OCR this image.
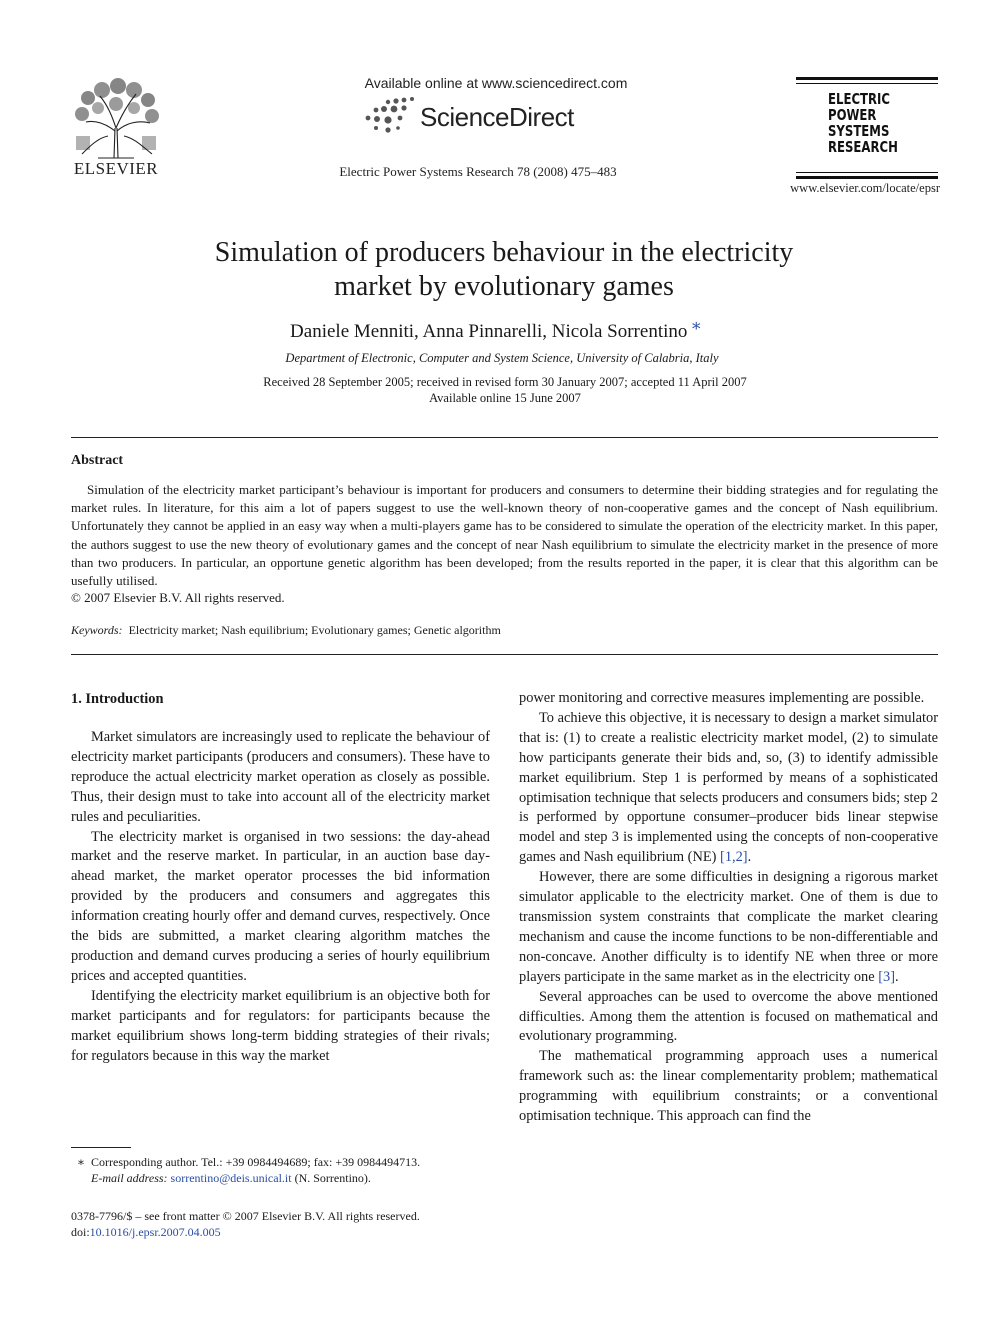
ELSEVIER
Available online at www.sciencedirect.com
ScienceDirect
Electric Power Systems Research 78 (2008) 475–483
ELECTRIC
POWER
SYSTEMS
RESEARCH
www.elsevier.com/locate/epsr
Simulation of producers behaviour in the electricity
market by evolutionary games
Daniele Menniti, Anna Pinnarelli, Nicola Sorrentino ∗
Department of Electronic, Computer and System Science, University of Calabria, Italy
Received 28 September 2005; received in revised form 30 January 2007; accepted 11 April 2007
Available online 15 June 2007
Abstract
Simulation of the electricity market participant’s behaviour is important for producers and consumers to determine their bidding strategies and for regulating the market rules. In literature, for this aim a lot of papers suggest to use the well-known theory of non-cooperative games and the concept of Nash equilibrium. Unfortunately they cannot be applied in an easy way when a multi-players game has to be considered to simulate the operation of the electricity market. In this paper, the authors suggest to use the new theory of evolutionary games and the concept of near Nash equilibrium to simulate the electricity market in the presence of more than two producers. In particular, an opportune genetic algorithm has been developed; from the results reported in the paper, it is clear that this algorithm can be usefully utilised.
© 2007 Elsevier B.V. All rights reserved.
Keywords: Electricity market; Nash equilibrium; Evolutionary games; Genetic algorithm
1. Introduction

Market simulators are increasingly used to replicate the behaviour of electricity market participants (producers and consumers). These have to reproduce the actual electricity market operation as closely as possible. Thus, their design must to take into account all of the electricity market rules and peculiarities.

The electricity market is organised in two sessions: the day-ahead market and the reserve market. In particular, in an auction base day-ahead market, the market operator processes the bid information provided by the producers and consumers and aggregates this information creating hourly offer and demand curves, respectively. Once the bids are submitted, a market clearing algorithm matches the production and demand curves producing a series of hourly equilibrium prices and accepted quantities.

Identifying the electricity market equilibrium is an objective both for market participants and for regulators: for participants because the market equilibrium shows long-term bidding strategies of their rivals; for regulators because in this way the market

power monitoring and corrective measures implementing are possible.

To achieve this objective, it is necessary to design a market simulator that is: (1) to create a realistic electricity market model, (2) to simulate how participants generate their bids and, so, (3) to identify admissible market equilibrium. Step 1 is performed by means of a sophisticated optimisation technique that selects producers and consumers bids; step 2 is performed by opportune consumer–producer bids linear stepwise model and step 3 is implemented using the concepts of non-cooperative games and Nash equilibrium (NE) [1,2].

However, there are some difficulties in designing a rigorous market simulator applicable to the electricity market. One of them is due to transmission system constraints that complicate the market clearing mechanism and cause the income functions to be non-differentiable and non-concave. Another difficulty is to identify NE when three or more players participate in the same market as in the electricity one [3].

Several approaches can be used to overcome the above mentioned difficulties. Among them the attention is focused on mathematical and evolutionary programming.

The mathematical programming approach uses a numerical framework such as: the linear complementarity problem; mathematical programming with equilibrium constraints; or a conventional optimisation technique. This approach can find the

∗ Corresponding author. Tel.: +39 0984494689; fax: +39 0984494713.
E-mail address: sorrentino@deis.unical.it (N. Sorrentino).
0378-7796/$ – see front matter © 2007 Elsevier B.V. All rights reserved.
doi:10.1016/j.epsr.2007.04.005
